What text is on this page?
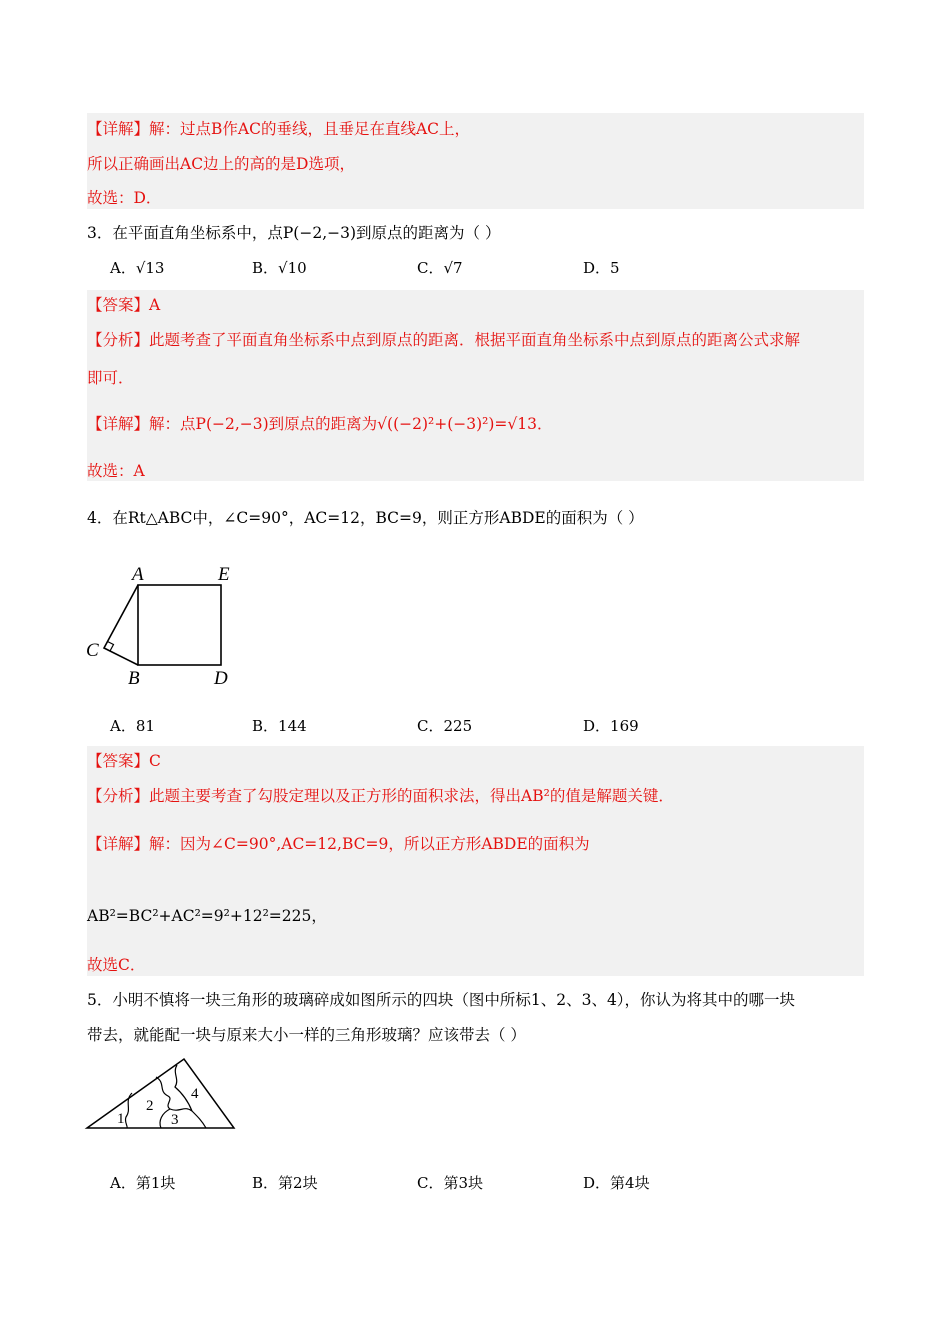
【详解】解：过点B作AC的垂线，且垂足在直线AC上，
所以正确画出AC边上的高的是D选项，
故选：D．
3．在平面直角坐标系中，点P(−2,−3)到原点的距离为（ ）
A．√13	B．√10	C．√7	D．5
【答案】A
【分析】此题考查了平面直角坐标系中点到原点的距离．根据平面直角坐标系中点到原点的距离公式求解
即可．
【详解】解：点P(−2,−3)到原点的距离为√((−2)²+(−3)²)=√13．
故选：A
4．在Rt△ABC中，∠C=90°，AC=12，BC=9，则正方形ABDE的面积为（ ）
A	E
C
B	D
A．81	B．144	C．225	D．169
【答案】C
【分析】此题主要考查了勾股定理以及正方形的面积求法，得出AB²的值是解题关键．
【详解】解：因为∠C=90°,AC=12,BC=9，所以正方形ABDE的面积为
AB²=BC²+AC²=9²+12²=225，
故选C．
5．小明不慎将一块三角形的玻璃碎成如图所示的四块（图中所标1、2、3、4），你认为将其中的哪一块
带去，就能配一块与原来大小一样的三角形玻璃？应该带去（ ）
1
2
3
4
A．第1块	B．第2块	C．第3块	D．第4块
